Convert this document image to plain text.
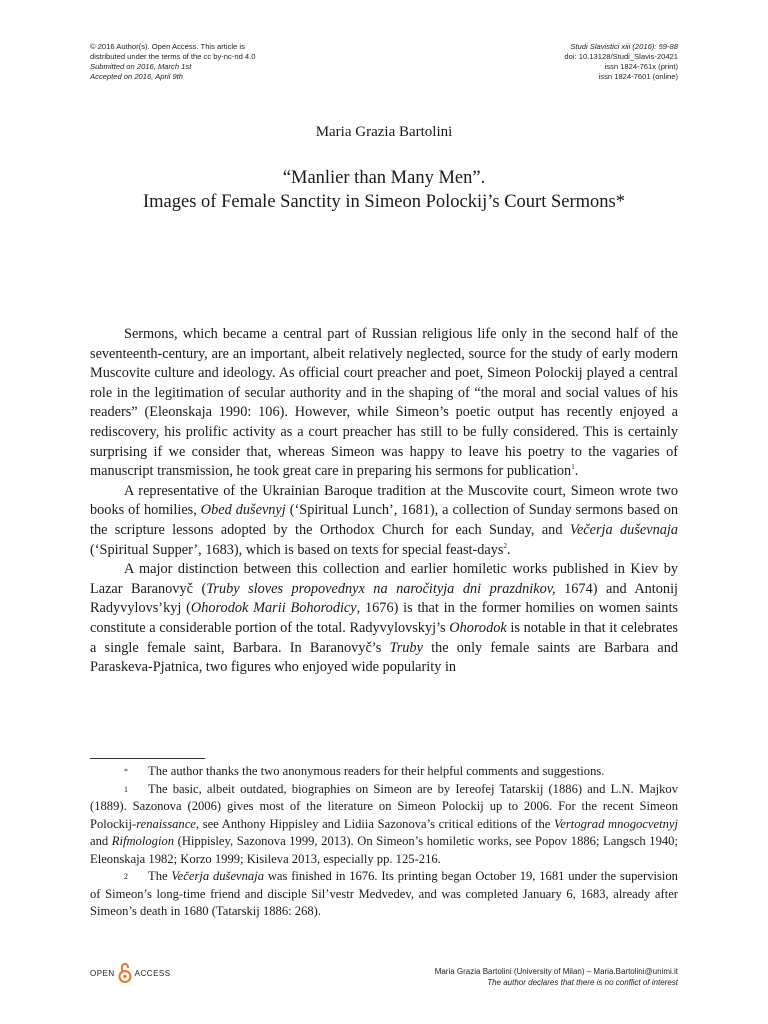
© 2016 Author(s). Open Access. This article is
distributed under the terms of the cc by-nc-nd 4.0
Submitted on 2016, March 1st
Accepted on 2016, April 9th
Studi Slavistici xiii (2016): 59-88
doi: 10.13128/Studi_Slavis-20421
issn 1824-761x (print)
issn 1824-7601 (online)
Maria Grazia Bartolini
“Manlier than Many Men”.
Images of Female Sanctity in Simeon Polockij’s Court Sermons*

Sermons, which became a central part of Russian religious life only in the second half of the seventeenth-century, are an important, albeit relatively neglected, source for the study of early modern Muscovite culture and ideology. As official court preacher and poet, Simeon Polockij played a central role in the legitimation of secular authority and in the shaping of “the moral and social values of his readers” (Eleonskaja 1990: 106). However, while Simeon’s poetic output has recently enjoyed a rediscovery, his prolific activity as a court preacher has still to be fully considered. This is certainly surprising if we consider that, whereas Simeon was happy to leave his poetry to the vagaries of manuscript transmission, he took great care in preparing his sermons for publication$^1$.

A representative of the Ukrainian Baroque tradition at the Muscovite court, Simeon wrote two books of homilies, Obed duševnyj (‘Spiritual Lunch’, 1681), a collection of Sunday sermons based on the scripture lessons adopted by the Orthodox Church for each Sunday, and Večerja duševnaja (‘Spiritual Supper’, 1683), which is based on texts for special feast-days$^2$.

A major distinction between this collection and earlier homiletic works published in Kiev by Lazar Baranovyč (Truby sloves propovednyx na naročityja dni prazdnikov, 1674) and Antonij Radyvylovs’kyj (Ohorodok Marii Bohorodicy, 1676) is that in the former homilies on women saints constitute a considerable portion of the total. Radyvylovskyj’s Ohorodok is notable in that it celebrates a single female saint, Barbara. In Baranovyč’s Truby the only female saints are Barbara and Paraskeva-Pjatnica, two figures who enjoyed wide popularity in

* The author thanks the two anonymous readers for their helpful comments and suggestions.

1 The basic, albeit outdated, biographies on Simeon are by Iereofej Tatarskij (1886) and L.N. Majkov (1889). Sazonova (2006) gives most of the literature on Simeon Polockij up to 2006. For the recent Simeon Polockij-renaissance, see Anthony Hippisley and Lidiia Sazonova’s critical editions of the Vertograd mnogocvetnyj and Rifmologion (Hippisley, Sazonova 1999, 2013). On Simeon’s homiletic works, see Popov 1886; Langsch 1940; Eleonskaja 1982; Korzo 1999; Kisileva 2013, especially pp. 125-216.

2 The Večerja duševnaja was finished in 1676. Its printing began October 19, 1681 under the supervision of Simeon’s long-time friend and disciple Sil’vestr Medvedev, and was completed January 6, 1683, already after Simeon’s death in 1680 (Tatarskij 1886: 268).

OPEN	ACCESS	Maria Grazia Bartolini (University of Milan) – Maria.Bartolini@unimi.it
The author declares that there is no conflict of interest
